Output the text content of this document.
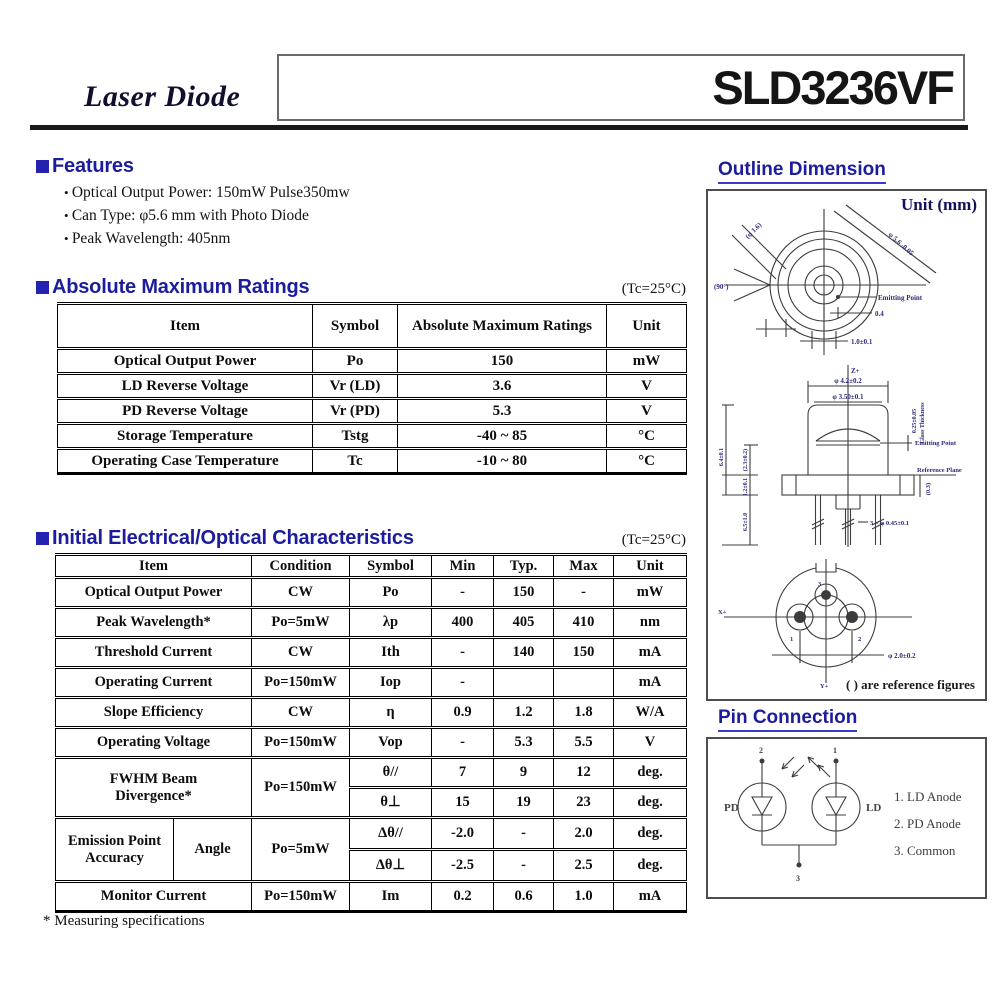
Laser Diode	SLD3236VF
Features
• Optical Output Power: 150mW Pulse350mw
• Can Type: φ5.6 mm with Photo Diode
• Peak Wavelength: 405nm
Absolute Maximum Ratings	(Tc=25°C)
Item	Symbol	Absolute Maximum Ratings	Unit
Optical Output Power	Po	150	mW
LD Reverse Voltage	Vr (LD)	3.6	V
PD Reverse Voltage	Vr (PD)	5.3	V
Storage Temperature	Tstg	-40 ~ 85	°C
Operating Case Temperature	Tc	-10 ~ 80	°C
Initial Electrical/Optical Characteristics	(Tc=25°C)
Item		Condition	Symbol	Min	Typ.	Max	Unit
Optical Output Power		CW	Po	-	150	-	mW
Peak Wavelength*		Po=5mW	λp	400	405	410	nm
Threshold Current		CW	Ith	-	140	150	mA
Operating Current		Po=150mW	Iop	-			mA
Slope Efficiency		CW	η	0.9	1.2	1.8	W/A
Operating Voltage		Po=150mW	Vop	-	5.3	5.5	V
FWHM Beam Divergence*		Po=150mW	θ//	7	9	12	deg.
			θ⊥	15	19	23	deg.
Emission Point Accuracy	Angle	Po=5mW	Δθ//	-2.0	-	2.0	deg.
			Δθ⊥	-2.5	-	2.5	deg.
Monitor Current		Po=150mW	Im	0.2	0.6	1.0	mA
* Measuring specifications
Outline Dimension
Unit (mm)
(φ 1.6)	φ 5.6 -0.05
(90°)
Emitting Point
0.4
1.0±0.1
Z+
φ 4.2±0.2
φ 3.50±0.1
Emitting Point
Reference Plane
6.4±0.1	(2.3±0.2)
1.2±0.1
6.5±1.0
0.25±0.05 Glass Thickness
(0.3)
3 × φ 0.45±0.1
φ 2.0±0.2
3
1	2
X+
Y+ ( ) are reference figures
Pin Connection
2	1
3
PD	LD
1. LD Anode
2. PD Anode
3. Common
